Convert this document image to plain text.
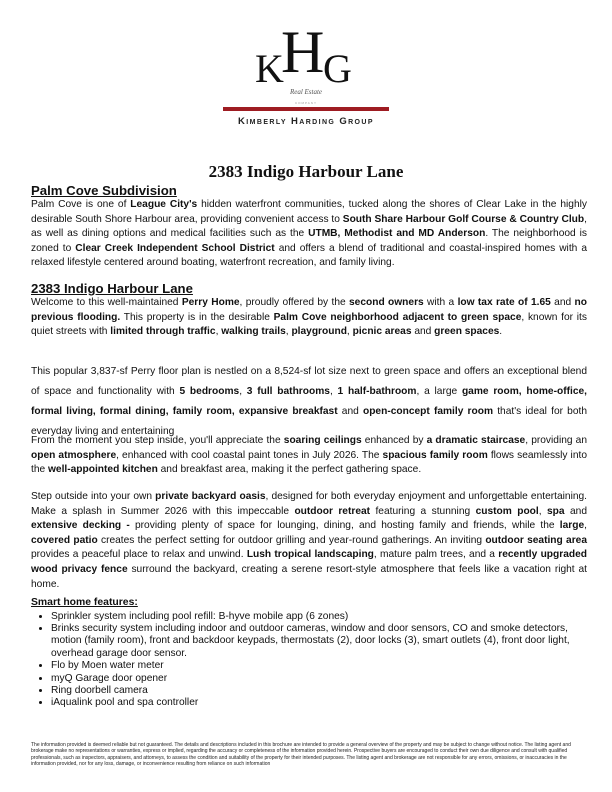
K
H
G
Real Estate
COMPANY
Kimberly Harding Group
2383 Indigo Harbour Lane
Palm Cove Subdivision

Palm Cove is one of League City's hidden waterfront communities, tucked along the shores of Clear Lake in the highly desirable South Shore Harbour area, providing convenient access to South Share Harbour Golf Course & Country Club, as well as dining options and medical facilities such as the UTMB, Methodist and MD Anderson. The neighborhood is zoned to Clear Creek Independent School District and offers a blend of traditional and coastal-inspired homes with a relaxed lifestyle centered around boating, waterfront recreation, and family living.

2383 Indigo Harbour Lane

Welcome to this well-maintained Perry Home, proudly offered by the second owners with a low tax rate of 1.65 and no previous flooding. This property is in the desirable Palm Cove neighborhood adjacent to green space, known for its quiet streets with limited through traffic, walking trails, playground, picnic areas and green spaces.

This popular 3,837-sf Perry floor plan is nestled on a 8,524-sf lot size next to green space and offers an exceptional blend of space and functionality with 5 bedrooms, 3 full bathrooms, 1 half-bathroom, a large game room, home-office, formal living, formal dining, family room, expansive breakfast and open-concept family room that's ideal for both everyday living and entertaining

From the moment you step inside, you'll appreciate the soaring ceilings enhanced by a dramatic staircase, providing an open atmosphere, enhanced with cool coastal paint tones in July 2026. The spacious family room flows seamlessly into the well-appointed kitchen and breakfast area, making it the perfect gathering space.

Step outside into your own private backyard oasis, designed for both everyday enjoyment and unforgettable entertaining. Make a splash in Summer 2026 with this impeccable outdoor retreat featuring a stunning custom pool, spa and extensive decking - providing plenty of space for lounging, dining, and hosting family and friends, while the large, covered patio creates the perfect setting for outdoor grilling and year-round gatherings. An inviting outdoor seating area provides a peaceful place to relax and unwind. Lush tropical landscaping, mature palm trees, and a recently upgraded wood privacy fence surround the backyard, creating a serene resort-style atmosphere that feels like a vacation right at home.

Smart home features:
• Sprinkler system including pool refill: B-hyve mobile app (6 zones)
• Brinks security system including indoor and outdoor cameras, window and door sensors, CO and smoke detectors, motion (family room), front and backdoor keypads, thermostats (2), door locks (3), smart outlets (4), front door light, overhead garage door sensor.
• Flo by Moen water meter
• myQ Garage door opener
• Ring doorbell camera
• iAqualink pool and spa controller
The information provided is deemed reliable but not guaranteed. The details and descriptions included in this brochure are intended to provide a general overview of the property and may be subject to change without notice. The listing agent and brokerage make no representations or warranties, express or implied, regarding the accuracy or completeness of the information provided herein. Prospective buyers are encouraged to conduct their own due diligence and consult with qualified professionals, such as inspectors, appraisers, and attorneys, to assess the condition and suitability of the property for their intended purposes. The listing agent and brokerage are not responsible for any errors, omissions, or inaccuracies in the information provided, nor for any loss, damage, or inconvenience resulting from reliance on such information
